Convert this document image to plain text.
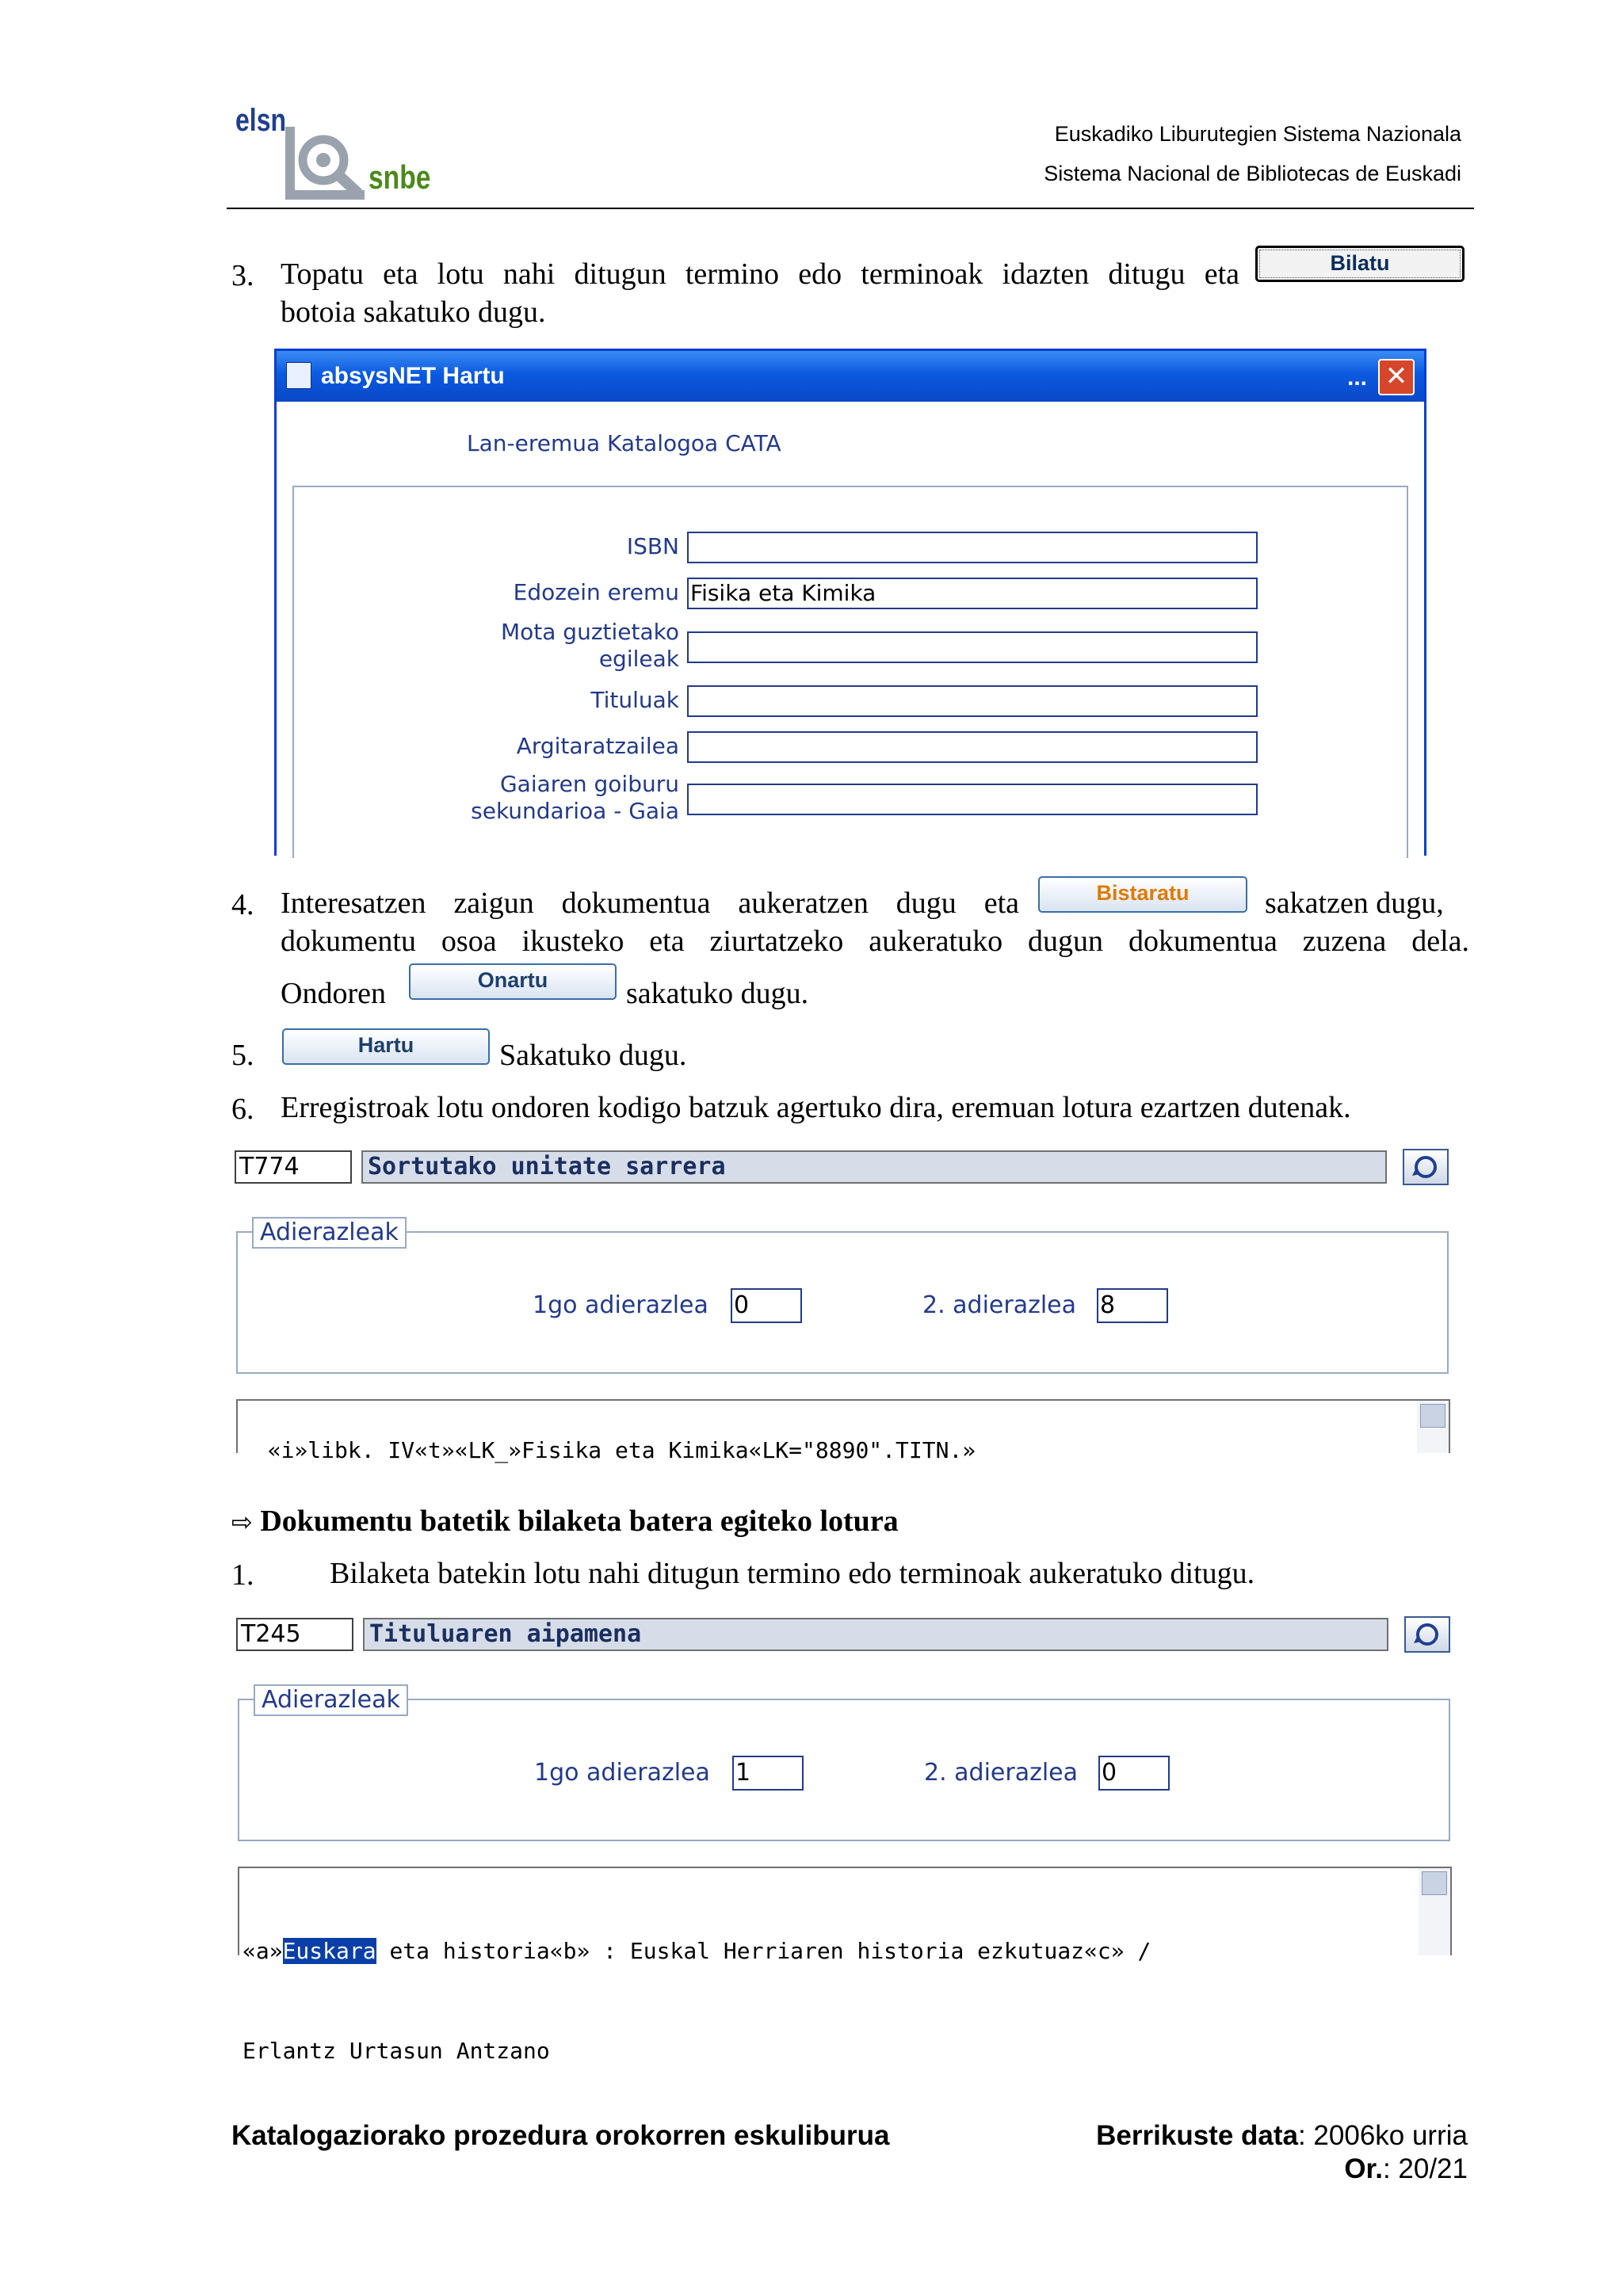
elsn
snbe
Euskadiko Liburutegien Sistema Nazionala
Sistema Nacional de Bibliotecas de Euskadi
3. Topatu eta lotu nahi ditugun termino edo terminoak idazten ditugu eta	Bilatu
botoia sakatuko dugu.
absysNET Hartu	... ✕
Lan-eremua Katalogoa CATA
ISBN
Edozein eremu Fisika eta Kimika
Mota guztietako
egileak
Tituluak
Argitaratzailea
Gaiaren goiburu
sekundarioa - Gaia
4. Interesatzen zaigun dokumentua aukeratzen dugu eta	Bistaratu	sakatzen dugu,
dokumentu osoa ikusteko eta ziurtatzeko aukeratuko dugun dokumentua zuzena dela.
Ondoren	Onartu	sakatuko dugu.
5.	Hartu	Sakatuko dugu.
6. Erregistroak lotu ondoren kodigo batzuk agertuko dira, eremuan lotura ezartzen dutenak.
T774	Sortutako unitate sarrera
Adierazleak
1go adierazlea 0	2. adierazlea 8

«i»libk. IV«t»«LK_»Fisika eta Kimika«LK="8890".TITN.»

⇨ Dokumentu batetik bilaketa batera egiteko lotura
1.	Bilaketa batekin lotu nahi ditugun termino edo terminoak aukeratuko ditugu.
T245	Tituluaren aipamena
Adierazleak
1go adierazlea 1	2. adierazlea 0

«a»Euskara eta historia«b» : Euskal Herriaren historia ezkutuaz«c» /

Erlantz Urtasun Antzano

Katalogaziorako prozedura orokorren eskuliburua	Berrikuste data: 2006ko urria
Or.: 20/21
